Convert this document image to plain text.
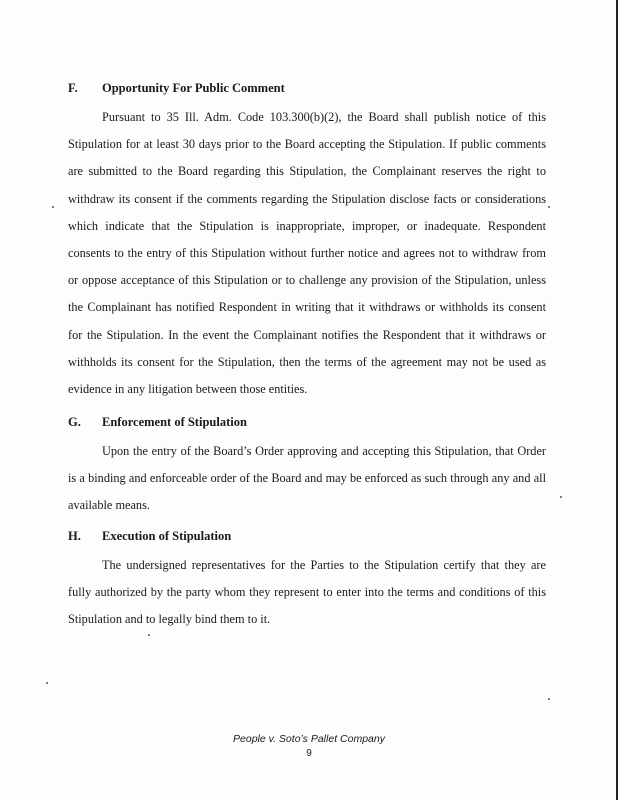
F.	Opportunity For Public Comment

Pursuant to 35 Ill. Adm. Code 103.300(b)(2), the Board shall publish notice of this Stipulation for at least 30 days prior to the Board accepting the Stipulation. If public comments are submitted to the Board regarding this Stipulation, the Complainant reserves the right to withdraw its consent if the comments regarding the Stipulation disclose facts or considerations which indicate that the Stipulation is inappropriate, improper, or inadequate. Respondent consents to the entry of this Stipulation without further notice and agrees not to withdraw from or oppose acceptance of this Stipulation or to challenge any provision of the Stipulation, unless the Complainant has notified Respondent in writing that it withdraws or withholds its consent for the Stipulation. In the event the Complainant notifies the Respondent that it withdraws or withholds its consent for the Stipulation, then the terms of the agreement may not be used as evidence in any litigation between those entities.

G.	Enforcement of Stipulation

Upon the entry of the Board’s Order approving and accepting this Stipulation, that Order is a binding and enforceable order of the Board and may be enforced as such through any and all available means.

H.	Execution of Stipulation

The undersigned representatives for the Parties to the Stipulation certify that they are fully authorized by the party whom they represent to enter into the terms and conditions of this Stipulation and to legally bind them to it.

People v. Soto’s Pallet Company
9
